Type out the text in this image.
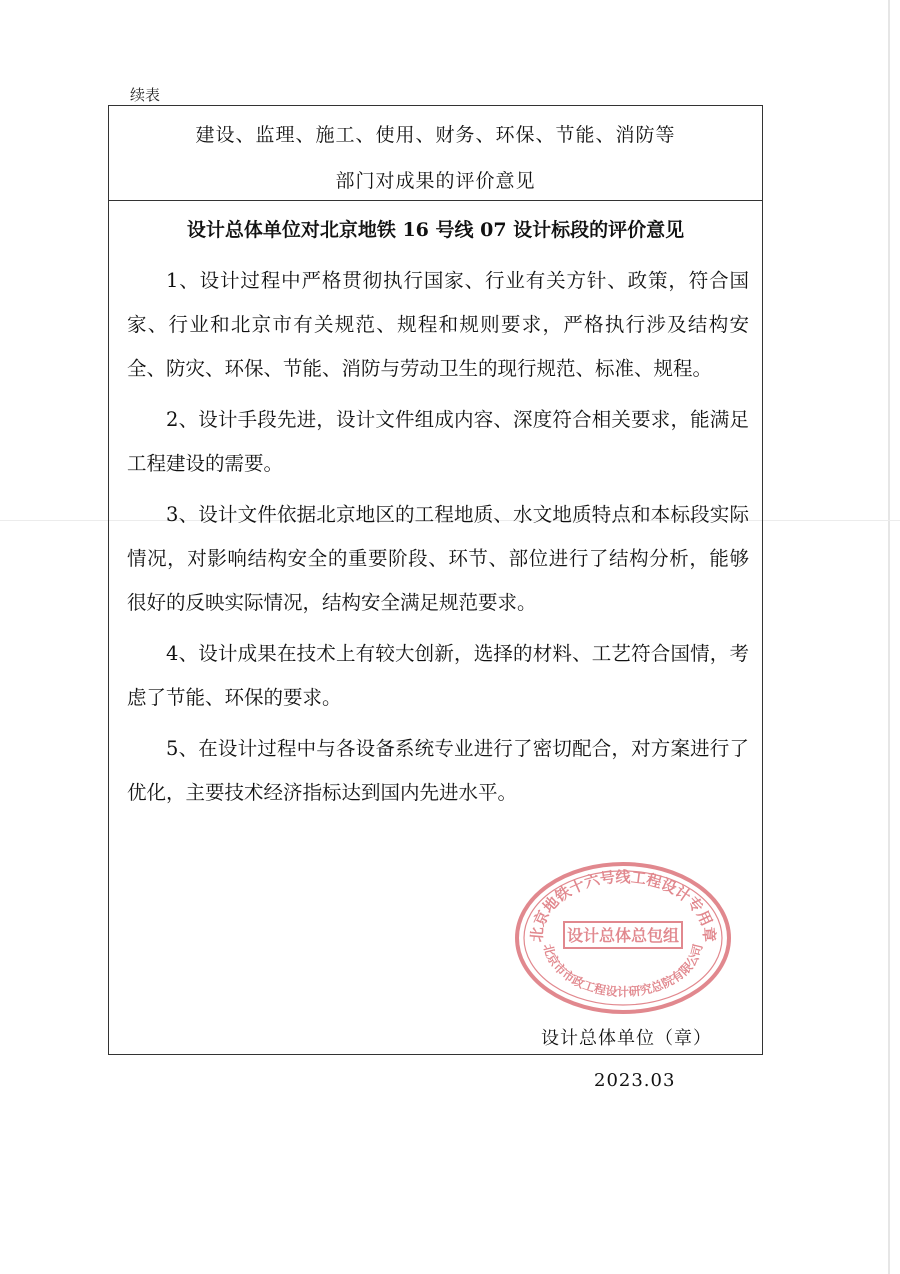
续表
建设、监理、施工、使用、财务、环保、节能、消防等
部门对成果的评价意见
设计总体单位对北京地铁 16 号线 07 设计标段的评价意见

1、设计过程中严格贯彻执行国家、行业有关方针、政策，符合国家、行业和北京市有关规范、规程和规则要求，严格执行涉及结构安全、防灾、环保、节能、消防与劳动卫生的现行规范、标准、规程。

2、设计手段先进，设计文件组成内容、深度符合相关要求，能满足工程建设的需要。

3、设计文件依据北京地区的工程地质、水文地质特点和本标段实际情况，对影响结构安全的重要阶段、环节、部位进行了结构分析，能够很好的反映实际情况，结构安全满足规范要求。

4、设计成果在技术上有较大创新，选择的材料、工艺符合国情，考虑了节能、环保的要求。

5、在设计过程中与各设备系统专业进行了密切配合，对方案进行了优化，主要技术经济指标达到国内先进水平。

设计总体单位（章）
2023.03
北京地铁十六号线工程设计专用章
设计总体总包组
北京市市政工程设计研究总院有限公司
